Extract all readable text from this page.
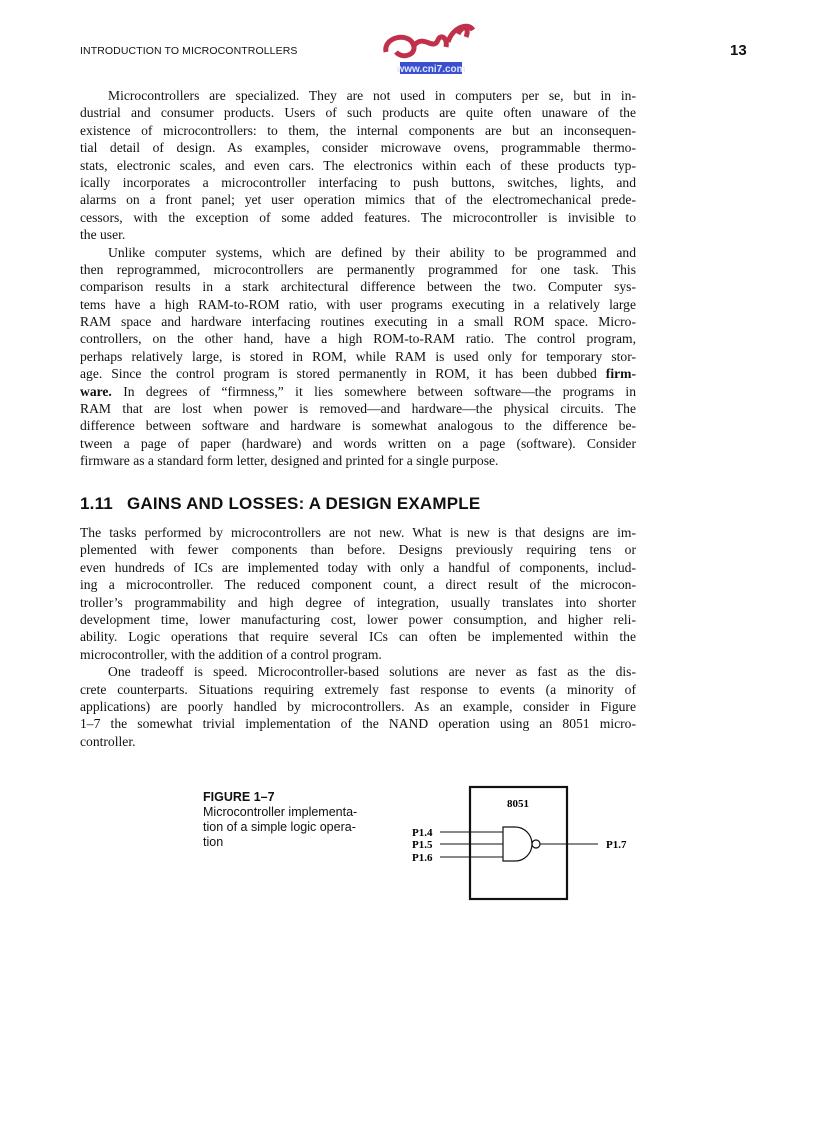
INTRODUCTION TO MICROCONTROLLERS
www.cni7.com
13
Microcontrollers are specialized. They are not used in computers per se, but in in-
dustrial and consumer products. Users of such products are quite often unaware of the
existence of microcontrollers: to them, the internal components are but an inconsequen-
tial detail of design. As examples, consider microwave ovens, programmable thermo-
stats, electronic scales, and even cars. The electronics within each of these products typ-
ically incorporates a microcontroller interfacing to push buttons, switches, lights, and
alarms on a front panel; yet user operation mimics that of the electromechanical prede-
cessors, with the exception of some added features. The microcontroller is invisible to
the user.
Unlike computer systems, which are defined by their ability to be programmed and
then reprogrammed, microcontrollers are permanently programmed for one task. This
comparison results in a stark architectural difference between the two. Computer sys-
tems have a high RAM-to-ROM ratio, with user programs executing in a relatively large
RAM space and hardware interfacing routines executing in a small ROM space. Micro-
controllers, on the other hand, have a high ROM-to-RAM ratio. The control program,
perhaps relatively large, is stored in ROM, while RAM is used only for temporary stor-
age. Since the control program is stored permanently in ROM, it has been dubbed firm-
ware. In degrees of “firmness,” it lies somewhere between software—the programs in
RAM that are lost when power is removed—and hardware—the physical circuits. The
difference between software and hardware is somewhat analogous to the difference be-
tween a page of paper (hardware) and words written on a page (software). Consider
firmware as a standard form letter, designed and printed for a single purpose.
1.11 GAINS AND LOSSES: A DESIGN EXAMPLE
The tasks performed by microcontrollers are not new. What is new is that designs are im-
plemented with fewer components than before. Designs previously requiring tens or
even hundreds of ICs are implemented today with only a handful of components, includ-
ing a microcontroller. The reduced component count, a direct result of the microcon-
troller’s programmability and high degree of integration, usually translates into shorter
development time, lower manufacturing cost, lower power consumption, and higher reli-
ability. Logic operations that require several ICs can often be implemented within the
microcontroller, with the addition of a control program.
One tradeoff is speed. Microcontroller-based solutions are never as fast as the dis-
crete counterparts. Situations requiring extremely fast response to events (a minority of
applications) are poorly handled by microcontrollers. As an example, consider in Figure
1–7 the somewhat trivial implementation of the NAND operation using an 8051 micro-
controller.
FIGURE 1–7
Microcontroller implementa-
tion of a simple logic opera-
tion
8051
P1.4
P1.5
P1.6
P1.7
